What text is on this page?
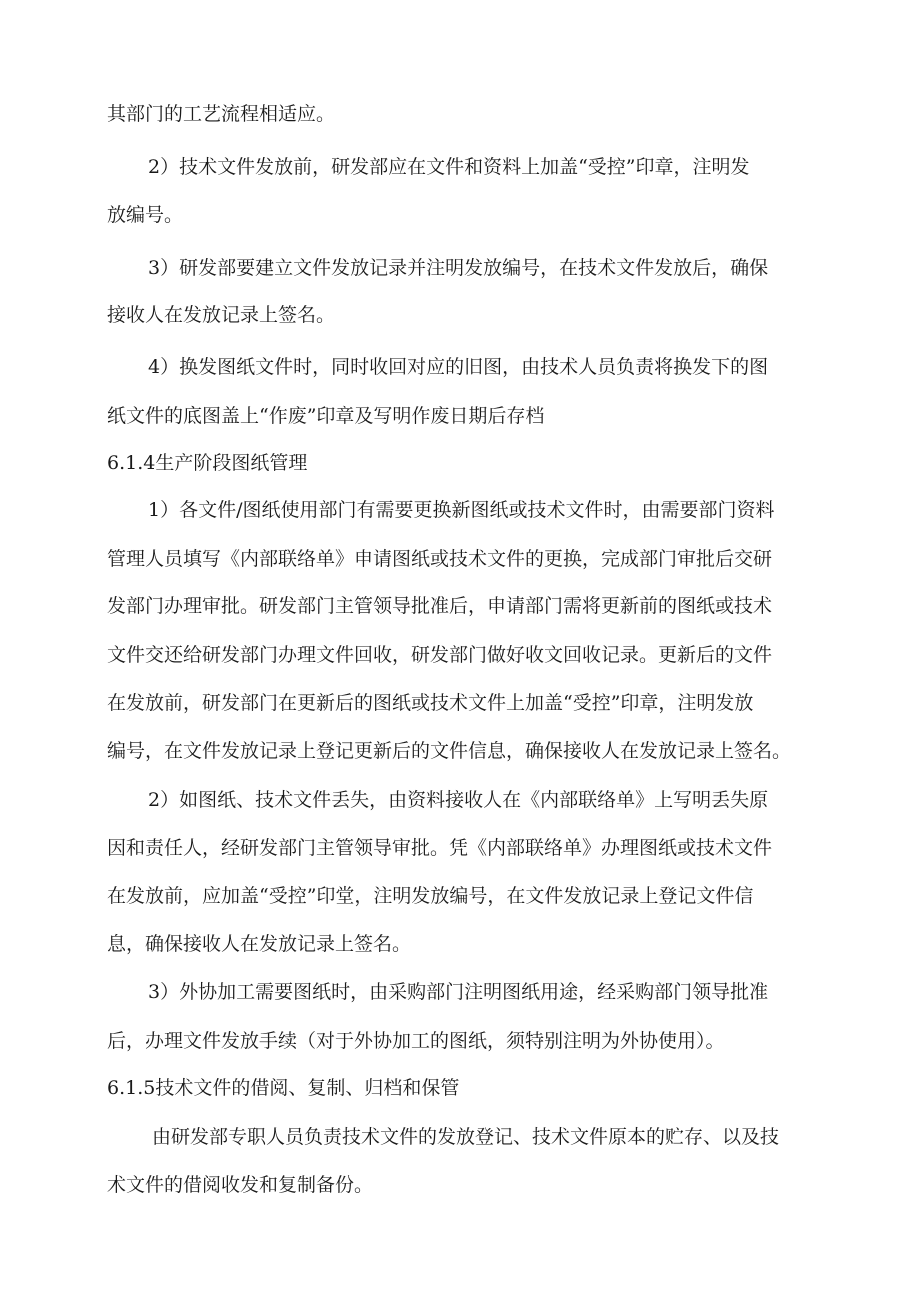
其部门的工艺流程相适应。
2）技术文件发放前，研发部应在文件和资料上加盖“受控”印章，注明发
放编号。
3）研发部要建立文件发放记录并注明发放编号，在技术文件发放后，确保
接收人在发放记录上签名。
4）换发图纸文件时，同时收回对应的旧图，由技术人员负责将换发下的图
纸文件的底图盖上“作废”印章及写明作废日期后存档
6.1.4生产阶段图纸管理
1）各文件/图纸使用部门有需要更换新图纸或技术文件时，由需要部门资料
管理人员填写《内部联络单》申请图纸或技术文件的更换，完成部门审批后交研
发部门办理审批。研发部门主管领导批准后，申请部门需将更新前的图纸或技术
文件交还给研发部门办理文件回收，研发部门做好收文回收记录。更新后的文件
在发放前，研发部门在更新后的图纸或技术文件上加盖“受控”印章，注明发放
编号，在文件发放记录上登记更新后的文件信息，确保接收人在发放记录上签名。
2）如图纸、技术文件丢失，由资料接收人在《内部联络单》上写明丢失原
因和责任人，经研发部门主管领导审批。凭《内部联络单》办理图纸或技术文件
在发放前，应加盖“受控”印堂，注明发放编号，在文件发放记录上登记文件信
息，确保接收人在发放记录上签名。
3）外协加工需要图纸时，由采购部门注明图纸用途，经采购部门领导批准
后，办理文件发放手续（对于外协加工的图纸，须特别注明为外协使用）。
6.1.5技术文件的借阅、复制、归档和保管
由研发部专职人员负责技术文件的发放登记、技术文件原本的贮存、以及技
术文件的借阅收发和复制备份。
